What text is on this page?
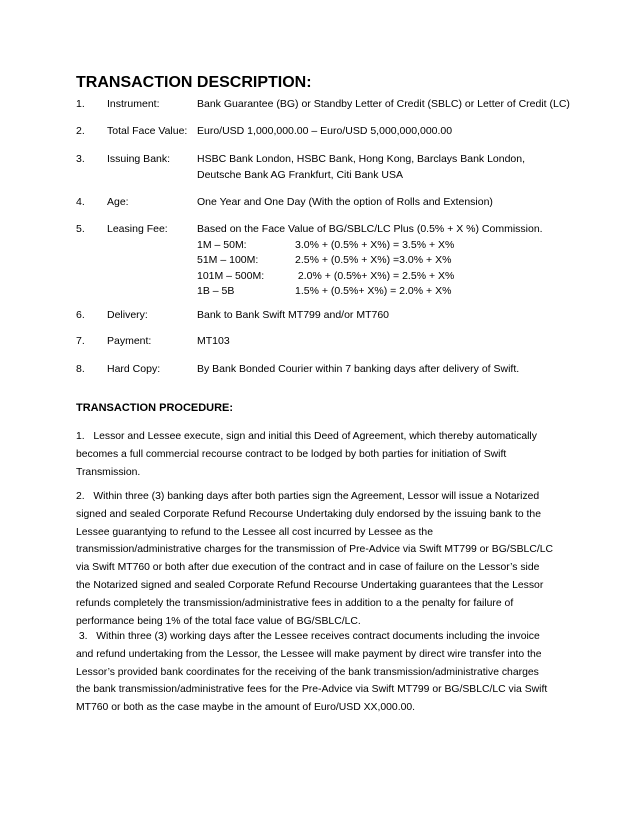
TRANSACTION DESCRIPTION:
1. Instrument:	Bank Guarantee (BG) or Standby Letter of Credit (SBLC) or Letter of Credit (LC)
2. Total Face Value: Euro/USD 1,000,000.00 – Euro/USD 5,000,000,000.00
3. Issuing Bank:	HSBC Bank London, HSBC Bank, Hong Kong, Barclays Bank London,
Deutsche Bank AG Frankfurt, Citi Bank USA
4. Age:	One Year and One Day (With the option of Rolls and Extension)
5. Leasing Fee:	Based on the Face Value of BG/SBLC/LC Plus (0.5% + X %) Commission.
1M – 50M:	3.0% + (0.5% + X%) = 3.5% + X%
51M – 100M:	2.5% + (0.5% + X%) =3.0% + X%
101M – 500M:	2.0% + (0.5%+ X%) = 2.5% + X%
1B – 5B	1.5% + (0.5%+ X%) = 2.0% + X%
6. Delivery:	Bank to Bank Swift MT799 and/or MT760
7. Payment:	MT103
8. Hard Copy:	By Bank Bonded Courier within 7 banking days after delivery of Swift.
TRANSACTION PROCEDURE:
1.   Lessor and Lessee execute, sign and initial this Deed of Agreement, which thereby automatically
becomes a full commercial recourse contract to be lodged by both parties for initiation of Swift
Transmission.
2.   Within three (3) banking days after both parties sign the Agreement, Lessor will issue a Notarized
signed and sealed Corporate Refund Recourse Undertaking duly endorsed by the issuing bank to the
Lessee guarantying to refund to the Lessee all cost incurred by Lessee as the
transmission/administrative charges for the transmission of Pre-Advice via Swift MT799 or BG/SBLC/LC
via Swift MT760 or both after due execution of the contract and in case of failure on the Lessor’s side
the Notarized signed and sealed Corporate Refund Recourse Undertaking guarantees that the Lessor
refunds completely the transmission/administrative fees in addition to a the penalty for failure of
performance being 1% of the total face value of BG/SBLC/LC.
3.   Within three (3) working days after the Lessee receives contract documents including the invoice
and refund undertaking from the Lessor, the Lessee will make payment by direct wire transfer into the
Lessor’s provided bank coordinates for the receiving of the bank transmission/administrative charges
the bank transmission/administrative fees for the Pre-Advice via Swift MT799 or BG/SBLC/LC via Swift
MT760 or both as the case maybe in the amount of Euro/USD XX,000.00.
